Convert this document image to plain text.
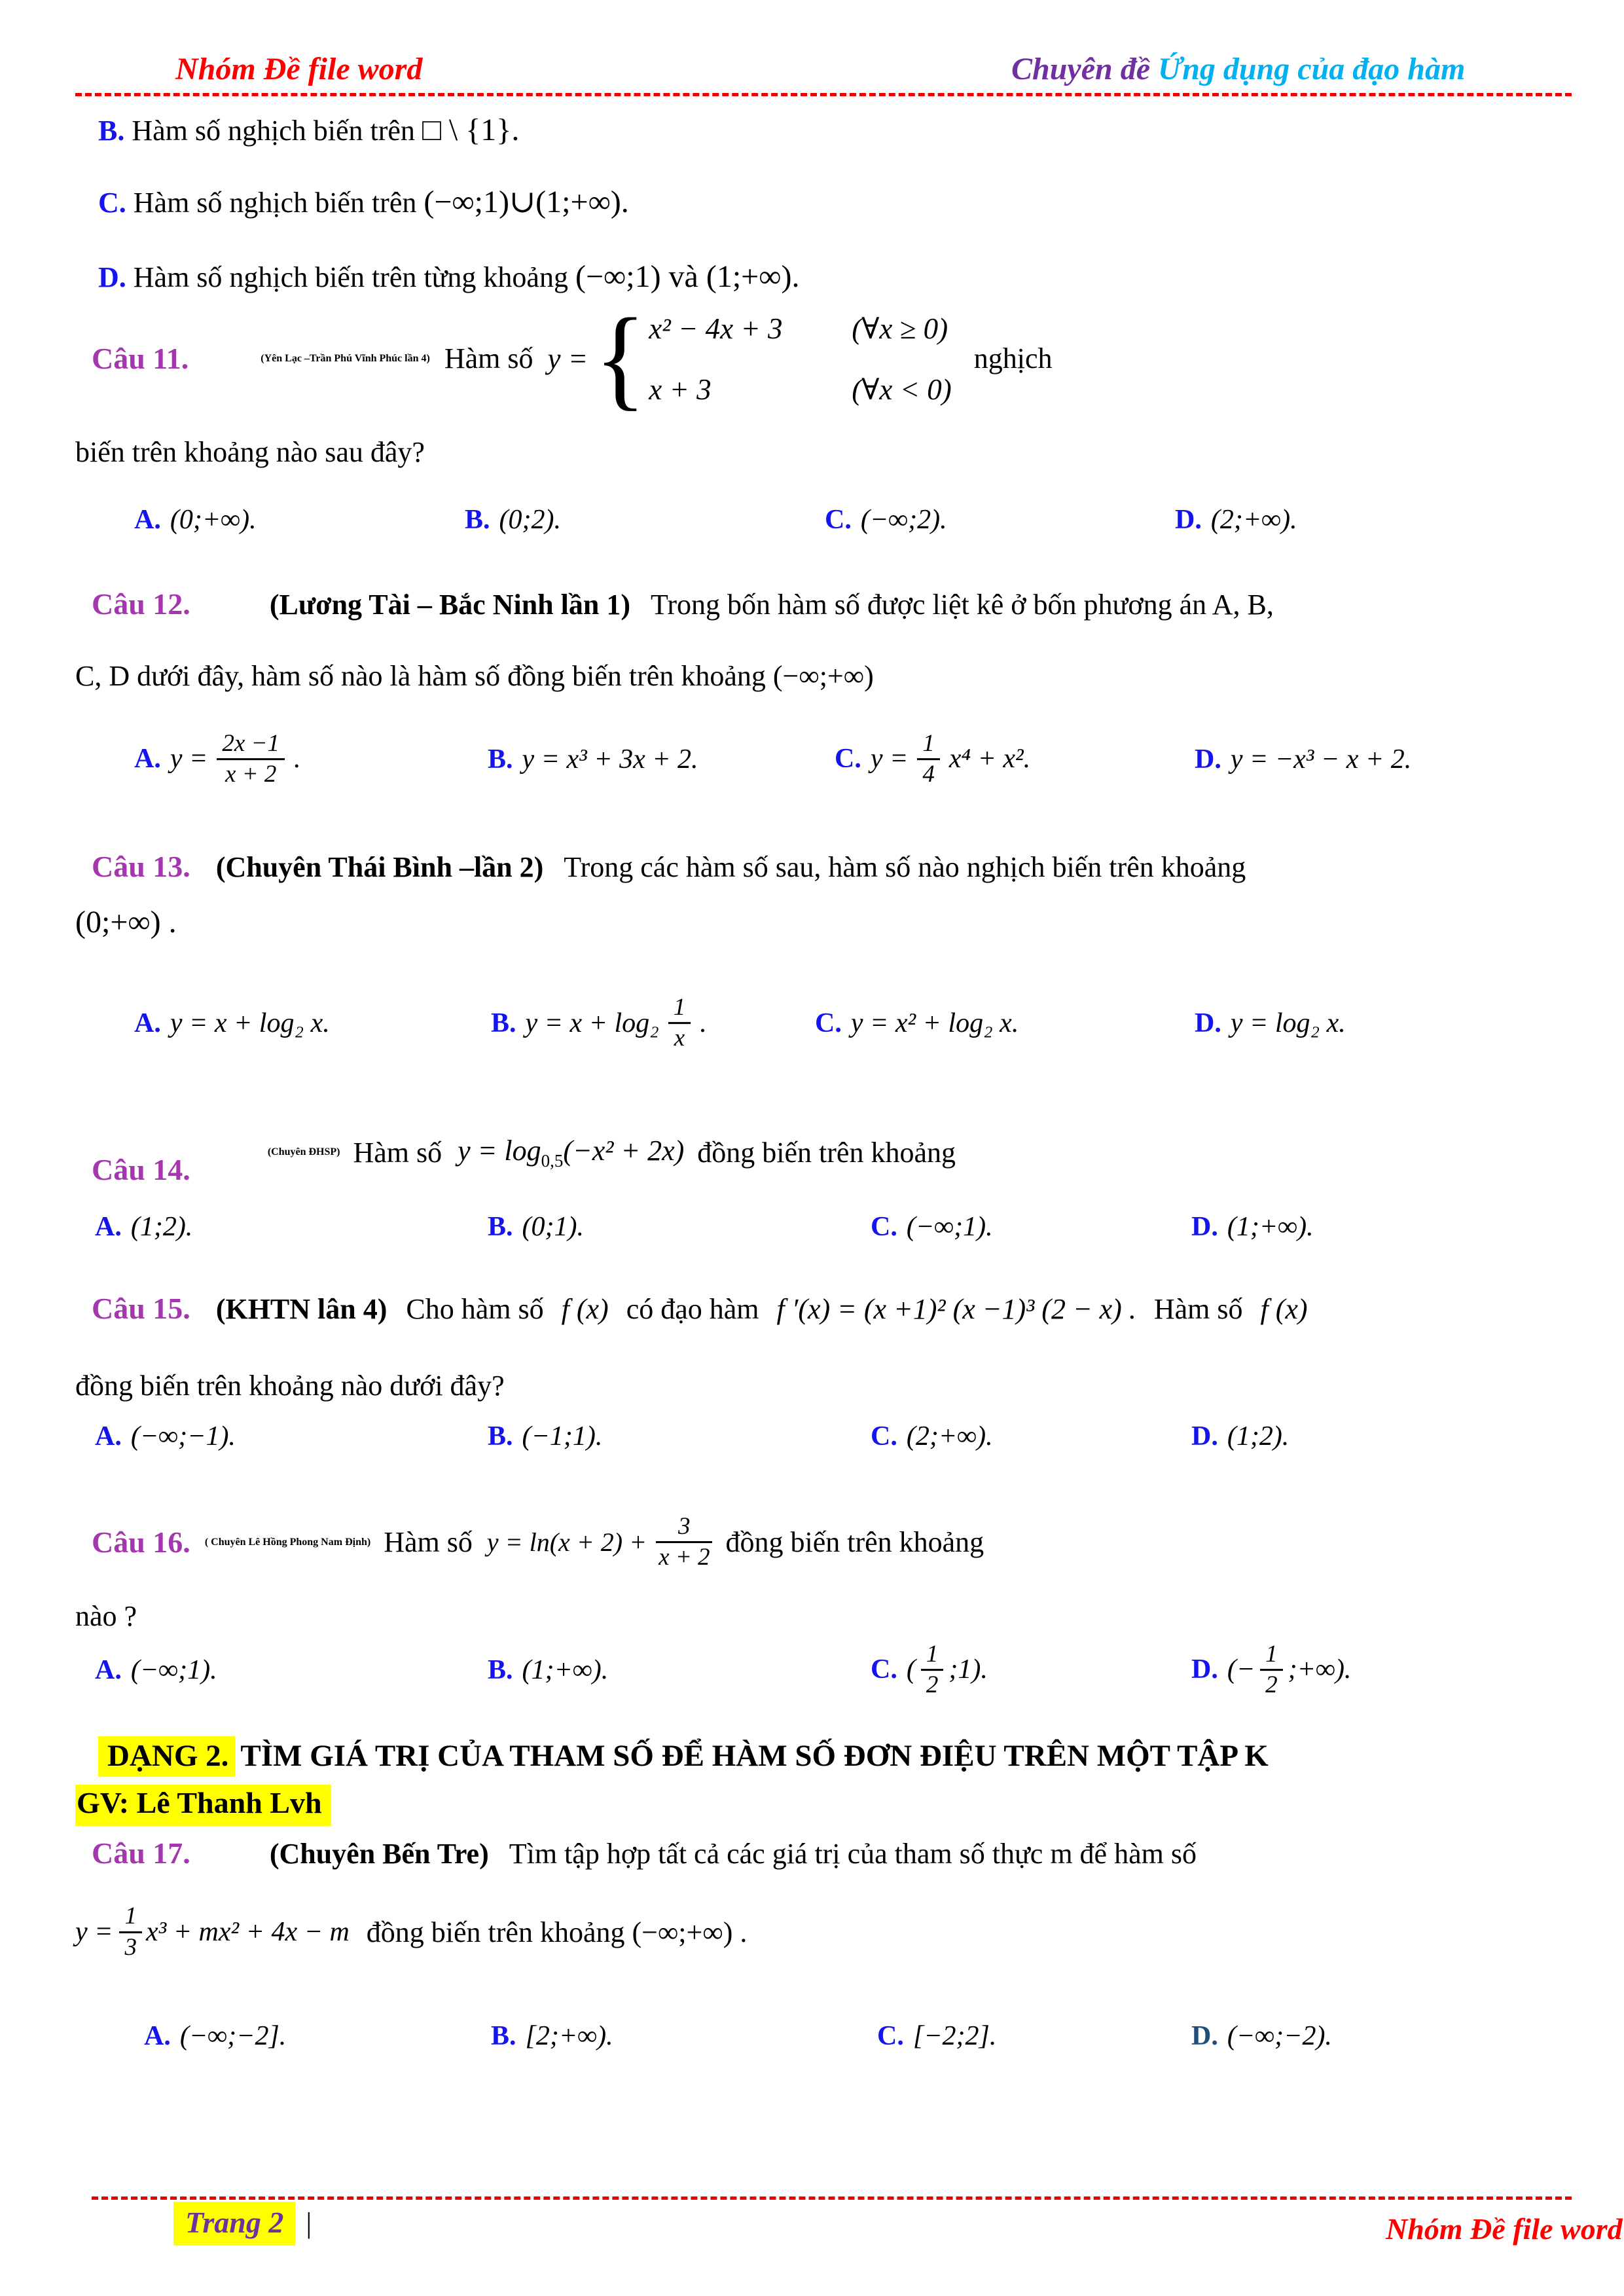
Nhóm Đề file word	Chuyên đề Ứng dụng của đạo hàm
B. Hàm số nghịch biến trên □ \ {1}.
C. Hàm số nghịch biến trên (−∞;1)∪(1;+∞).
D. Hàm số nghịch biến trên từng khoảng (−∞;1) và (1;+∞).
Câu 11.	(Yên Lạc –Trần Phú Vĩnh Phúc lần 4) Hàm số y = { x² − 4x + 3	(∀x ≥ 0)
x + 3	(∀x < 0)
nghịch
biến trên khoảng nào sau đây?
A. (0;+∞).	B. (0;2).	C. (−∞;2).	D. (2;+∞).
Câu 12.	(Lương Tài – Bắc Ninh lần 1) Trong bốn hàm số được liệt kê ở bốn phương án A, B,
C, D dưới đây, hàm số nào là hàm số đồng biến trên khoảng (−∞;+∞)
A. $y = \frac{2x -1}{x + 2}$ .	B. y = x³ + 3x + 2.	C. $y = \frac{1}{4} x^4 + x^2$.	D. y = −x³ − x + 2.
Câu 13. (Chuyên Thái Bình –lần 2) Trong các hàm số sau, hàm số nào nghịch biến trên khoảng
(0;+∞) .
A. y = x + log₂ x.	B. $y = x + \log_2 \frac{1}{x}$ .	C. y = x² + log₂ x.	D. y = log₂ x.
Câu 14.
(Chuyên ĐHSP) Hàm số $y = \log_{0,5}(-x^2 + 2x)$ đồng biến trên khoảng
A. (1;2).	B. (0;1).	C. (−∞;1).	D. (1;+∞).
Câu 15. (KHTN lân 4) Cho hàm số f (x) có đạo hàm f ′(x) = (x +1)² (x −1)³ (2 − x) . Hàm số f (x)
đồng biến trên khoảng nào dưới đây?
A. (−∞;−1).	B. (−1;1).	C. (2;+∞).	D. (1;2).
Câu 16. ( Chuyên Lê Hồng Phong Nam Định) Hàm số $y = \ln(x + 2) + \frac{3}{x + 2}$ đồng biến trên khoảng
nào ?
A. (−∞;1).	B. (1;+∞).	C. ( $\frac{1}{2}$ ;1).	D. (− $\frac{1}{2}$ ;+∞).
DẠNG 2. TÌM GIÁ TRỊ CỦA THAM SỐ ĐỂ HÀM SỐ ĐƠN ĐIỆU TRÊN MỘT TẬP K
GV: Lê Thanh Lvh
Câu 17.	(Chuyên Bến Tre) Tìm tập hợp tất cả các giá trị của tham số thực m để hàm số
$y = \frac{1}{3} x^3 + mx^2 + 4x - m$ đồng biến trên khoảng (−∞;+∞) .
A. (−∞;−2].	B. [2;+∞).	C. [−2;2].	D. (−∞;−2).
Trang 2 |	Nhóm Đề file word
